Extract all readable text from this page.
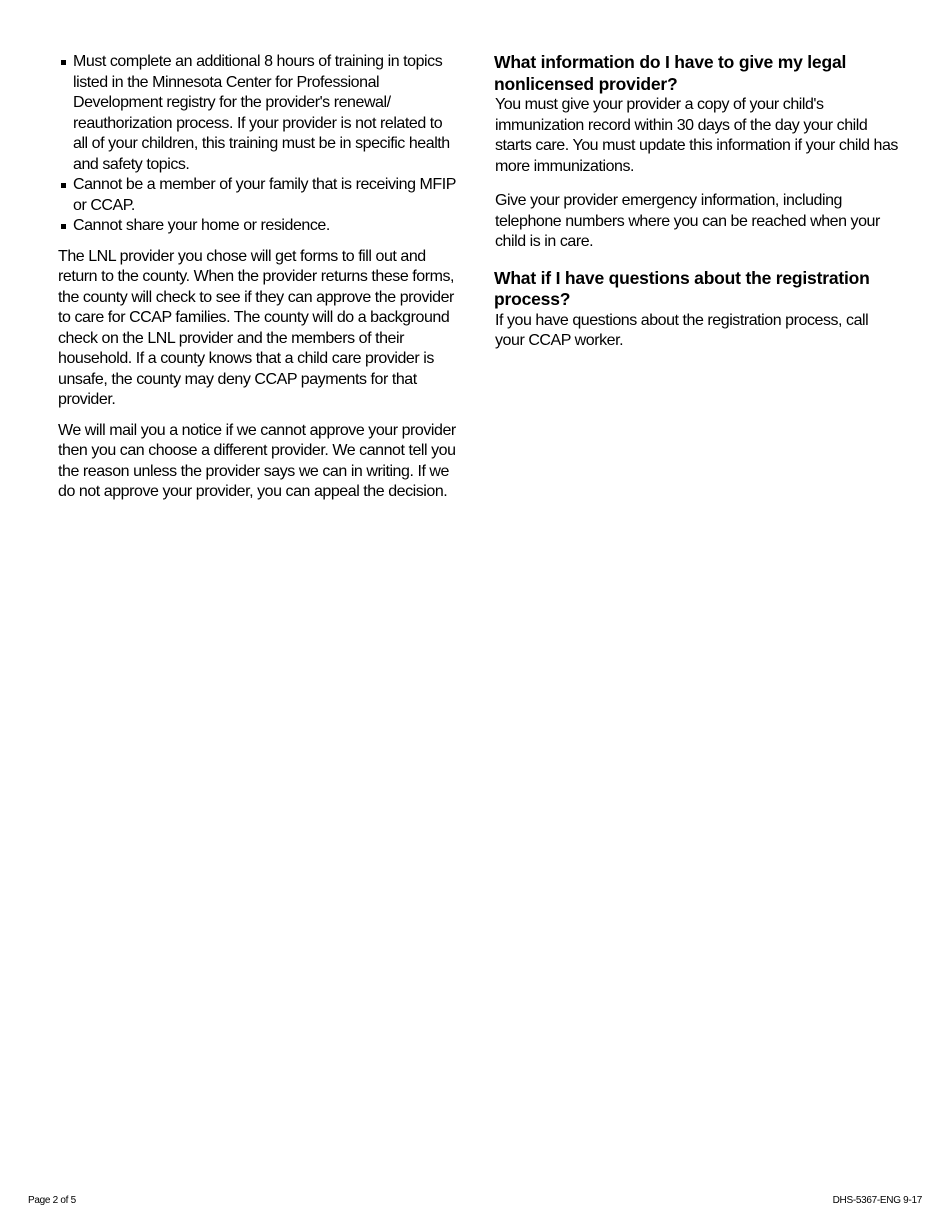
Must complete an additional 8 hours of training in topics listed in the Minnesota Center for Professional Development registry for the provider's renewal/ reauthorization process. If your provider is not related to all of your children, this training must be in specific health and safety topics.
Cannot be a member of your family that is receiving MFIP or CCAP.
Cannot share your home or residence.

The LNL provider you chose will get forms to fill out and return to the county. When the provider returns these forms, the county will check to see if they can approve the provider to care for CCAP families. The county will do a background check on the LNL provider and the members of their household. If a county knows that a child care provider is unsafe, the county may deny CCAP payments for that provider.

We will mail you a notice if we cannot approve your provider then you can choose a different provider. We cannot tell you the reason unless the provider says we can in writing. If we do not approve your provider, you can appeal the decision.

What information do I have to give my legal nonlicensed provider?

You must give your provider a copy of your child's immunization record within 30 days of the day your child starts care. You must update this information if your child has more immunizations.

Give your provider emergency information, including telephone numbers where you can be reached when your child is in care.

What if I have questions about the registration process?

If you have questions about the registration process, call your CCAP worker.

Page 2 of 5	DHS-5367-ENG 9-17
